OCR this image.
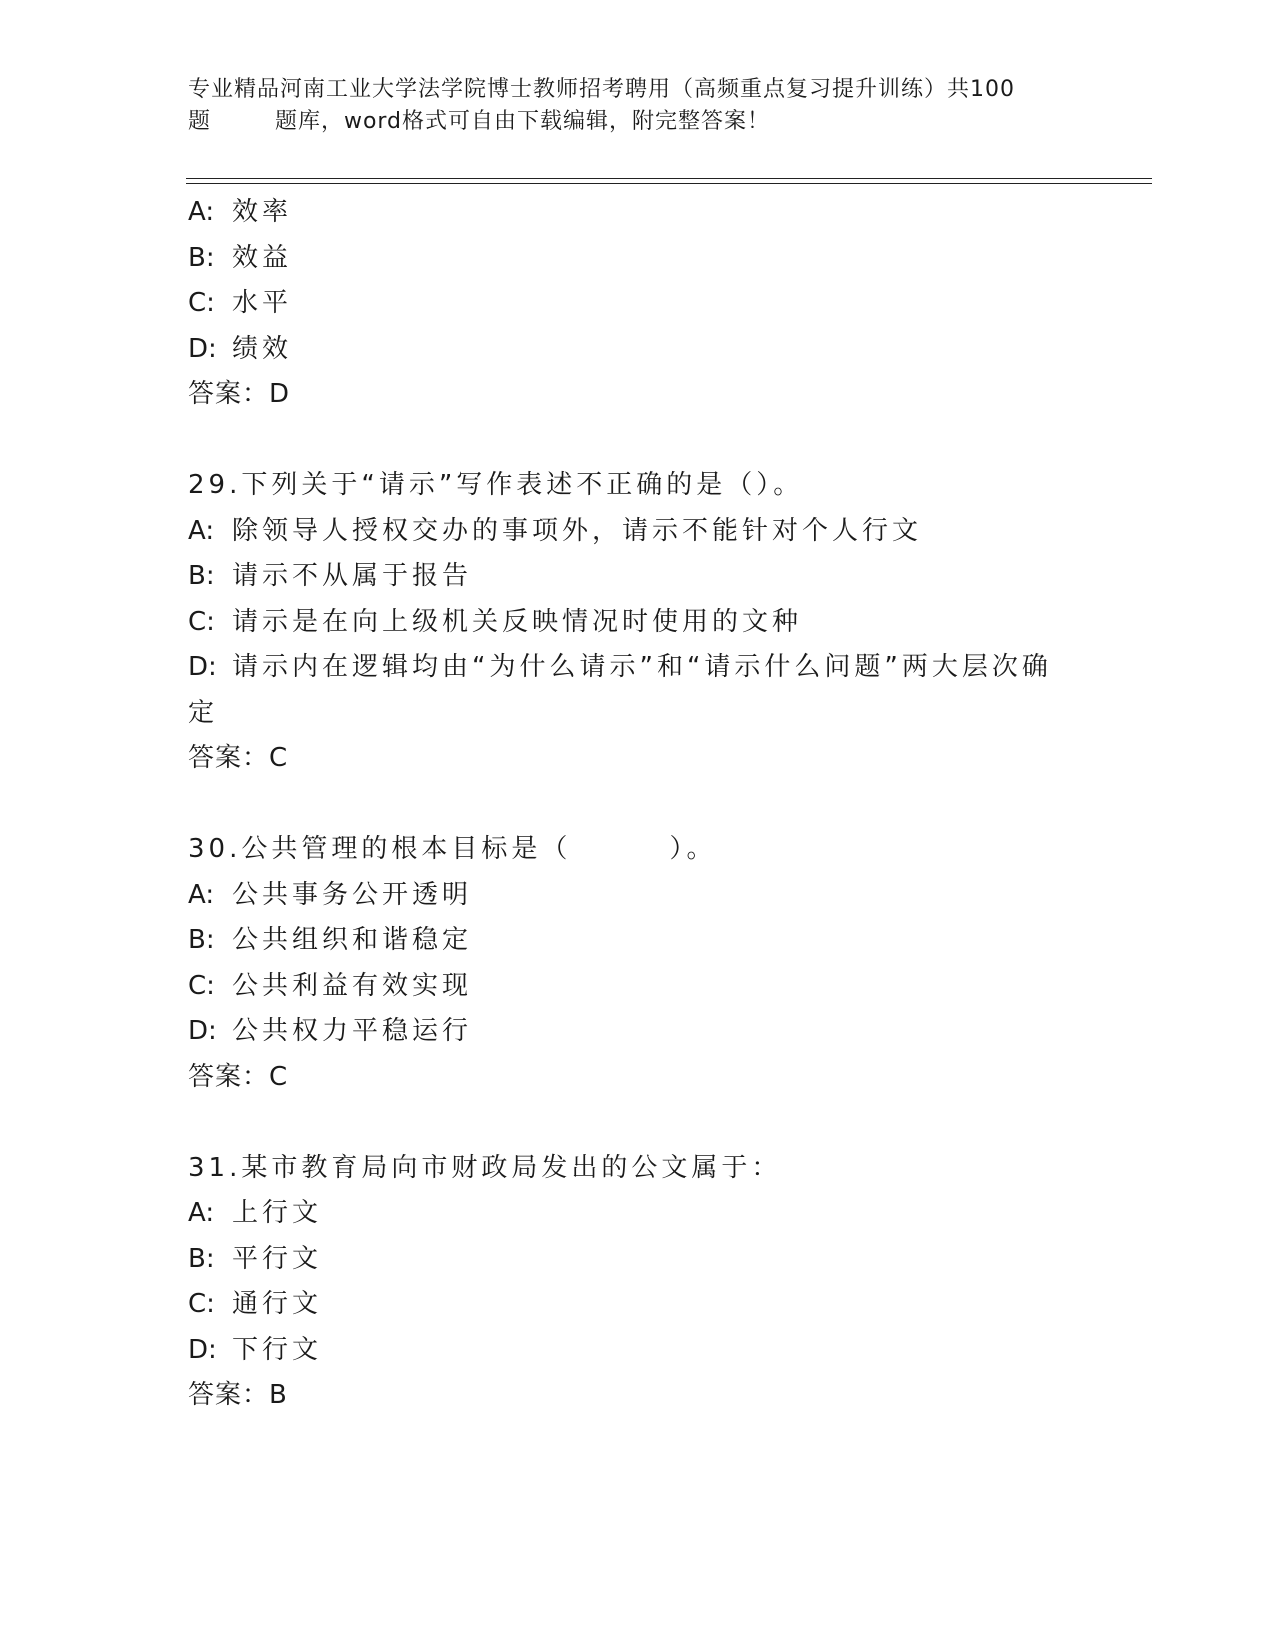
专业精品河南工业大学法学院博士教师招考聘用（高频重点复习提升训练）共100
题        题库，word格式可自由下载编辑，附完整答案！
A: 效率
B: 效益
C: 水平
D: 绩效
答案：D
29.下列关于“请示”写作表述不正确的是（）。
A: 除领导人授权交办的事项外，请示不能针对个人行文
B: 请示不从属于报告
C: 请示是在向上级机关反映情况时使用的文种
D: 请示内在逻辑均由“为什么请示”和“请示什么问题”两大层次确
定
答案：C
30.公共管理的根本目标是（        ）。
A: 公共事务公开透明
B: 公共组织和谐稳定
C: 公共利益有效实现
D: 公共权力平稳运行
答案：C
31.某市教育局向市财政局发出的公文属于：
A: 上行文
B: 平行文
C: 通行文
D: 下行文
答案：B
